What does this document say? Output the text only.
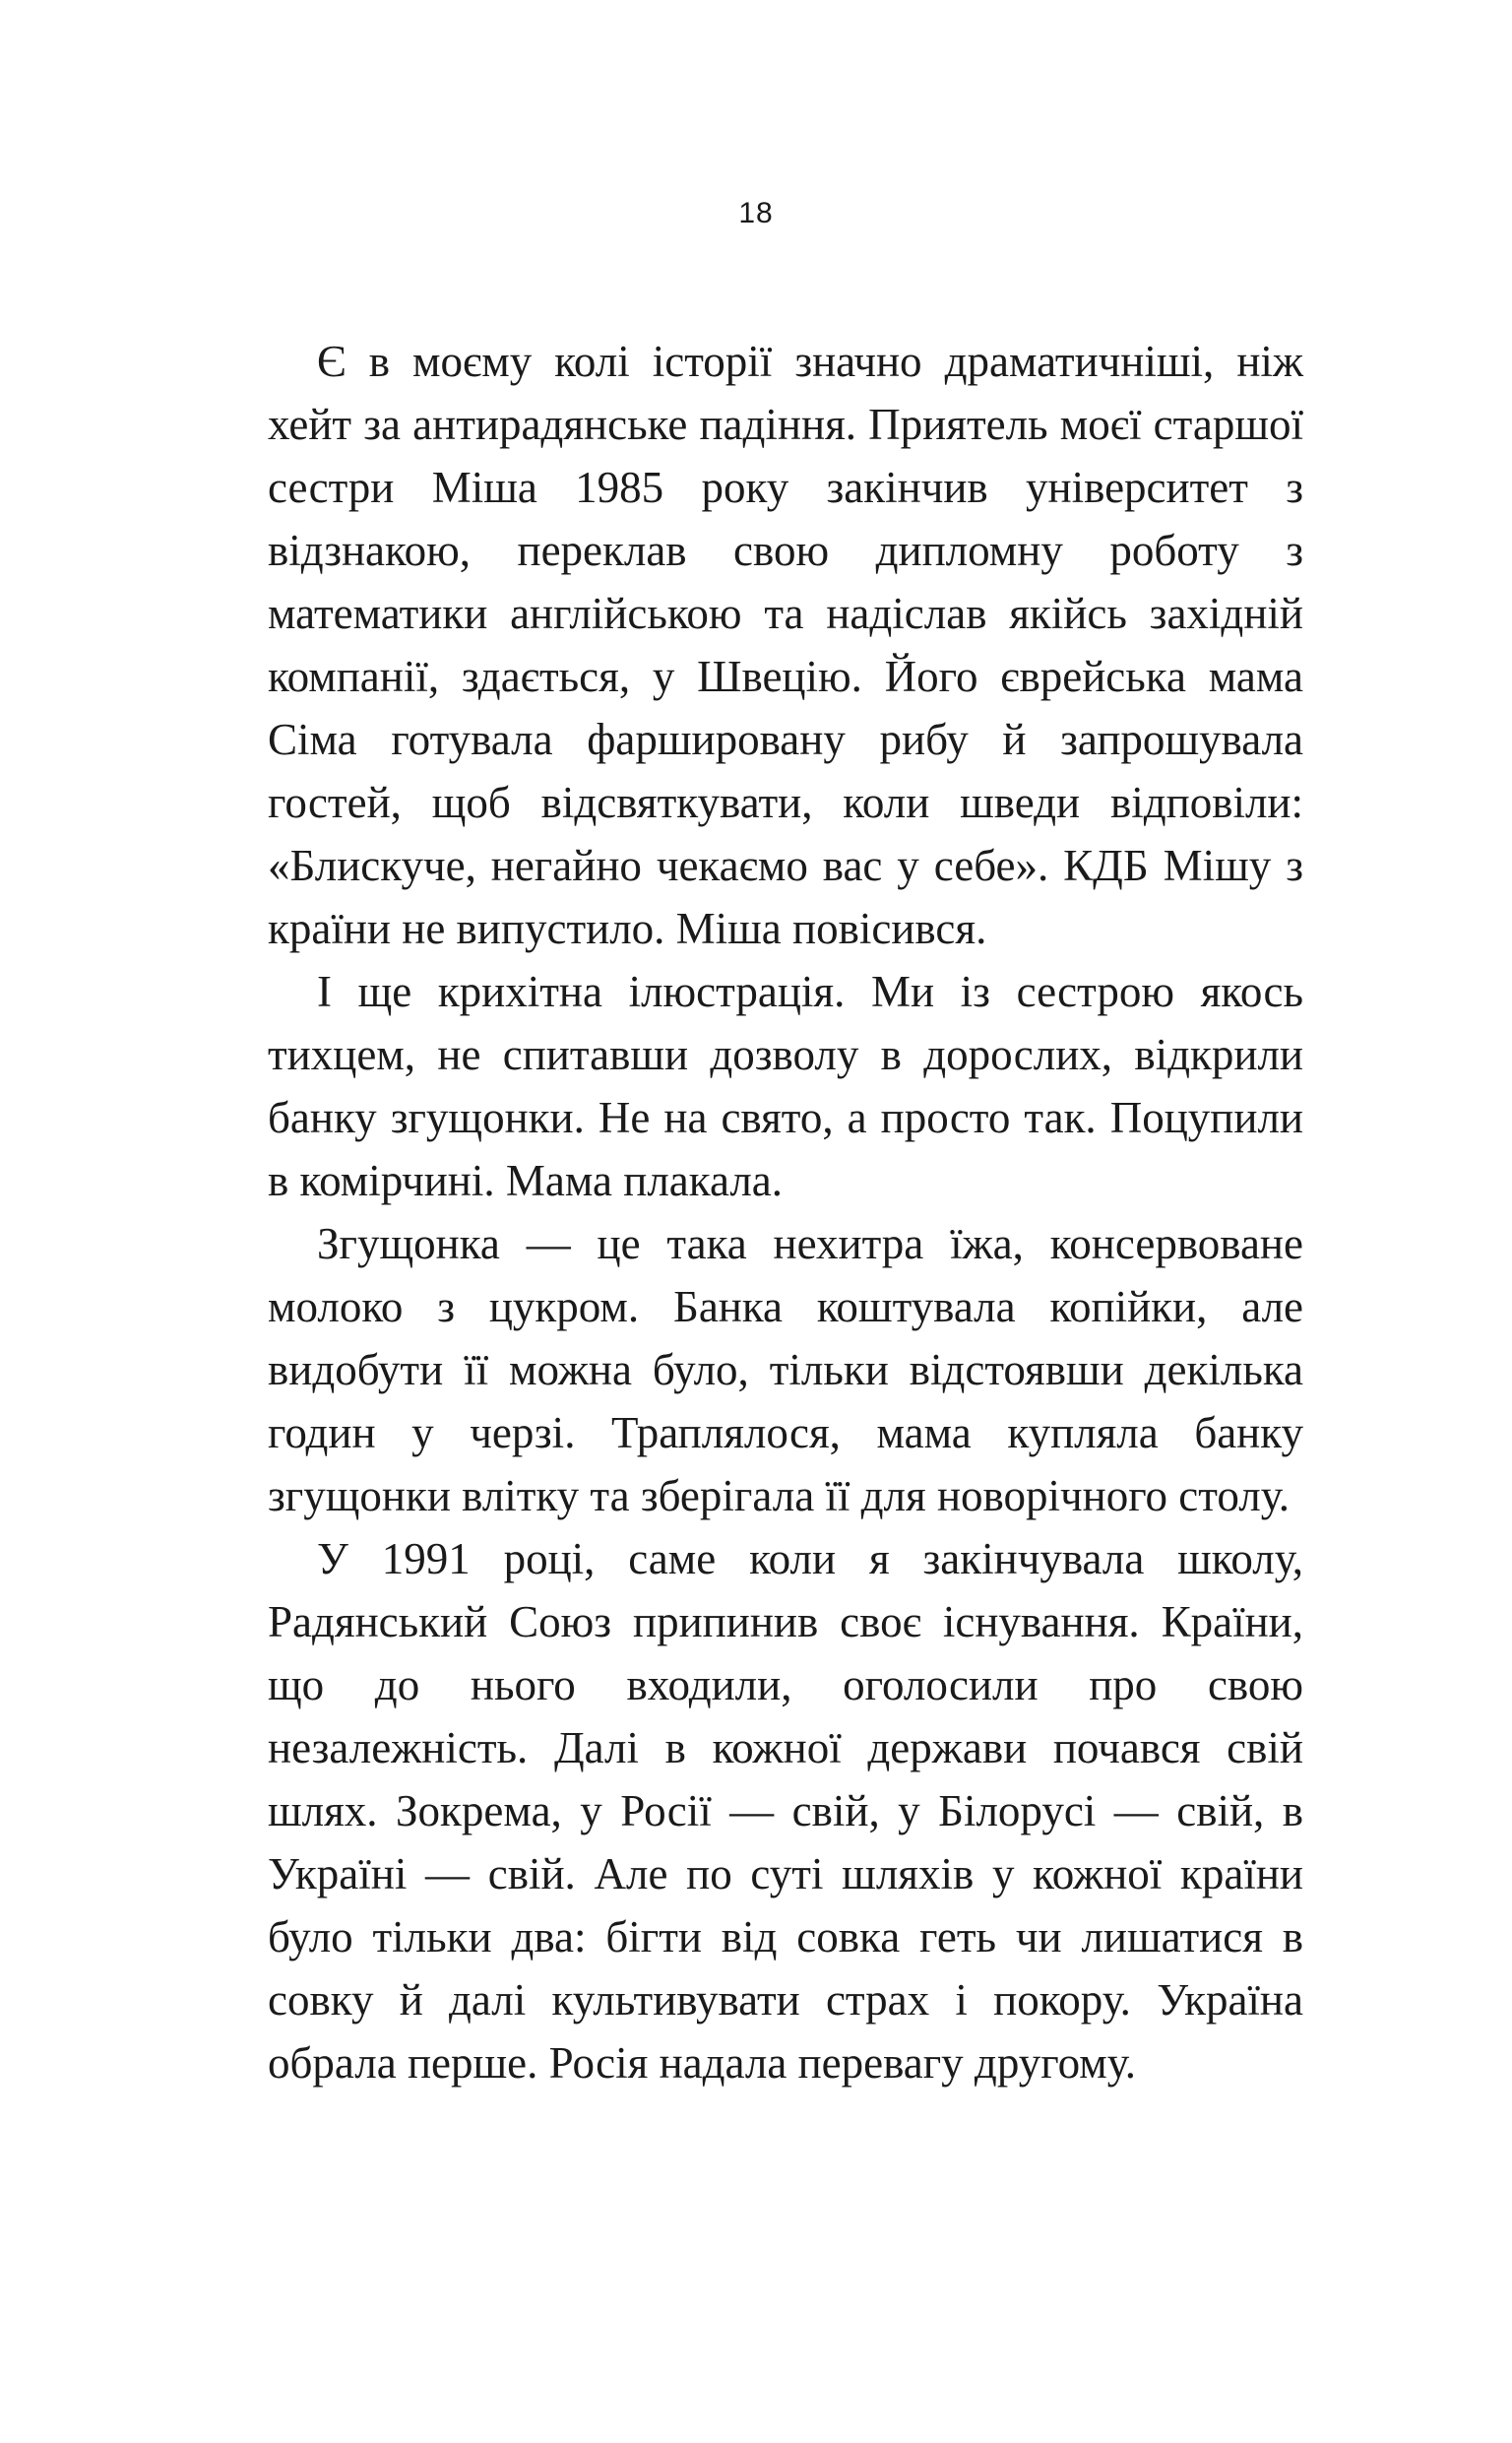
18

Є в моєму колі історії значно драматичніші, ніж хейт за антирадянське падіння. Приятель моєї старшої сестри Міша 1985 року закінчив університет з відзнакою, переклав свою дипломну роботу з математики англійською та надіслав якійсь західній компанії, здається, у Швецію. Його єврейська мама Сіма готувала фаршировану рибу й запрошувала гостей, щоб відсвяткувати, коли шведи відповіли: «Блискуче, негайно чекаємо вас у себе». КДБ Мішу з країни не випустило. Міша повісився.

І ще крихітна ілюстрація. Ми із сестрою якось тихцем, не спитавши дозволу в дорослих, відкрили банку згущонки. Не на свято, а просто так. Поцупили в комірчині. Мама плакала.

Згущонка — це така нехитра їжа, консервоване молоко з цукром. Банка коштувала копійки, але видобути її можна було, тільки відстоявши декілька годин у черзі. Траплялося, мама купляла банку згущонки влітку та зберігала її для новорічного столу.

У 1991 році, саме коли я закінчувала школу, Радянський Союз припинив своє існування. Країни, що до нього входили, оголосили про свою незалежність. Далі в кожної держави почався свій шлях. Зокрема, у Росії — свій, у Білорусі — свій, в Україні — свій. Але по суті шляхів у кожної країни було тільки два: бігти від совка геть чи лишатися в совку й далі культивувати страх і покору. Україна обрала перше. Росія надала перевагу другому.
